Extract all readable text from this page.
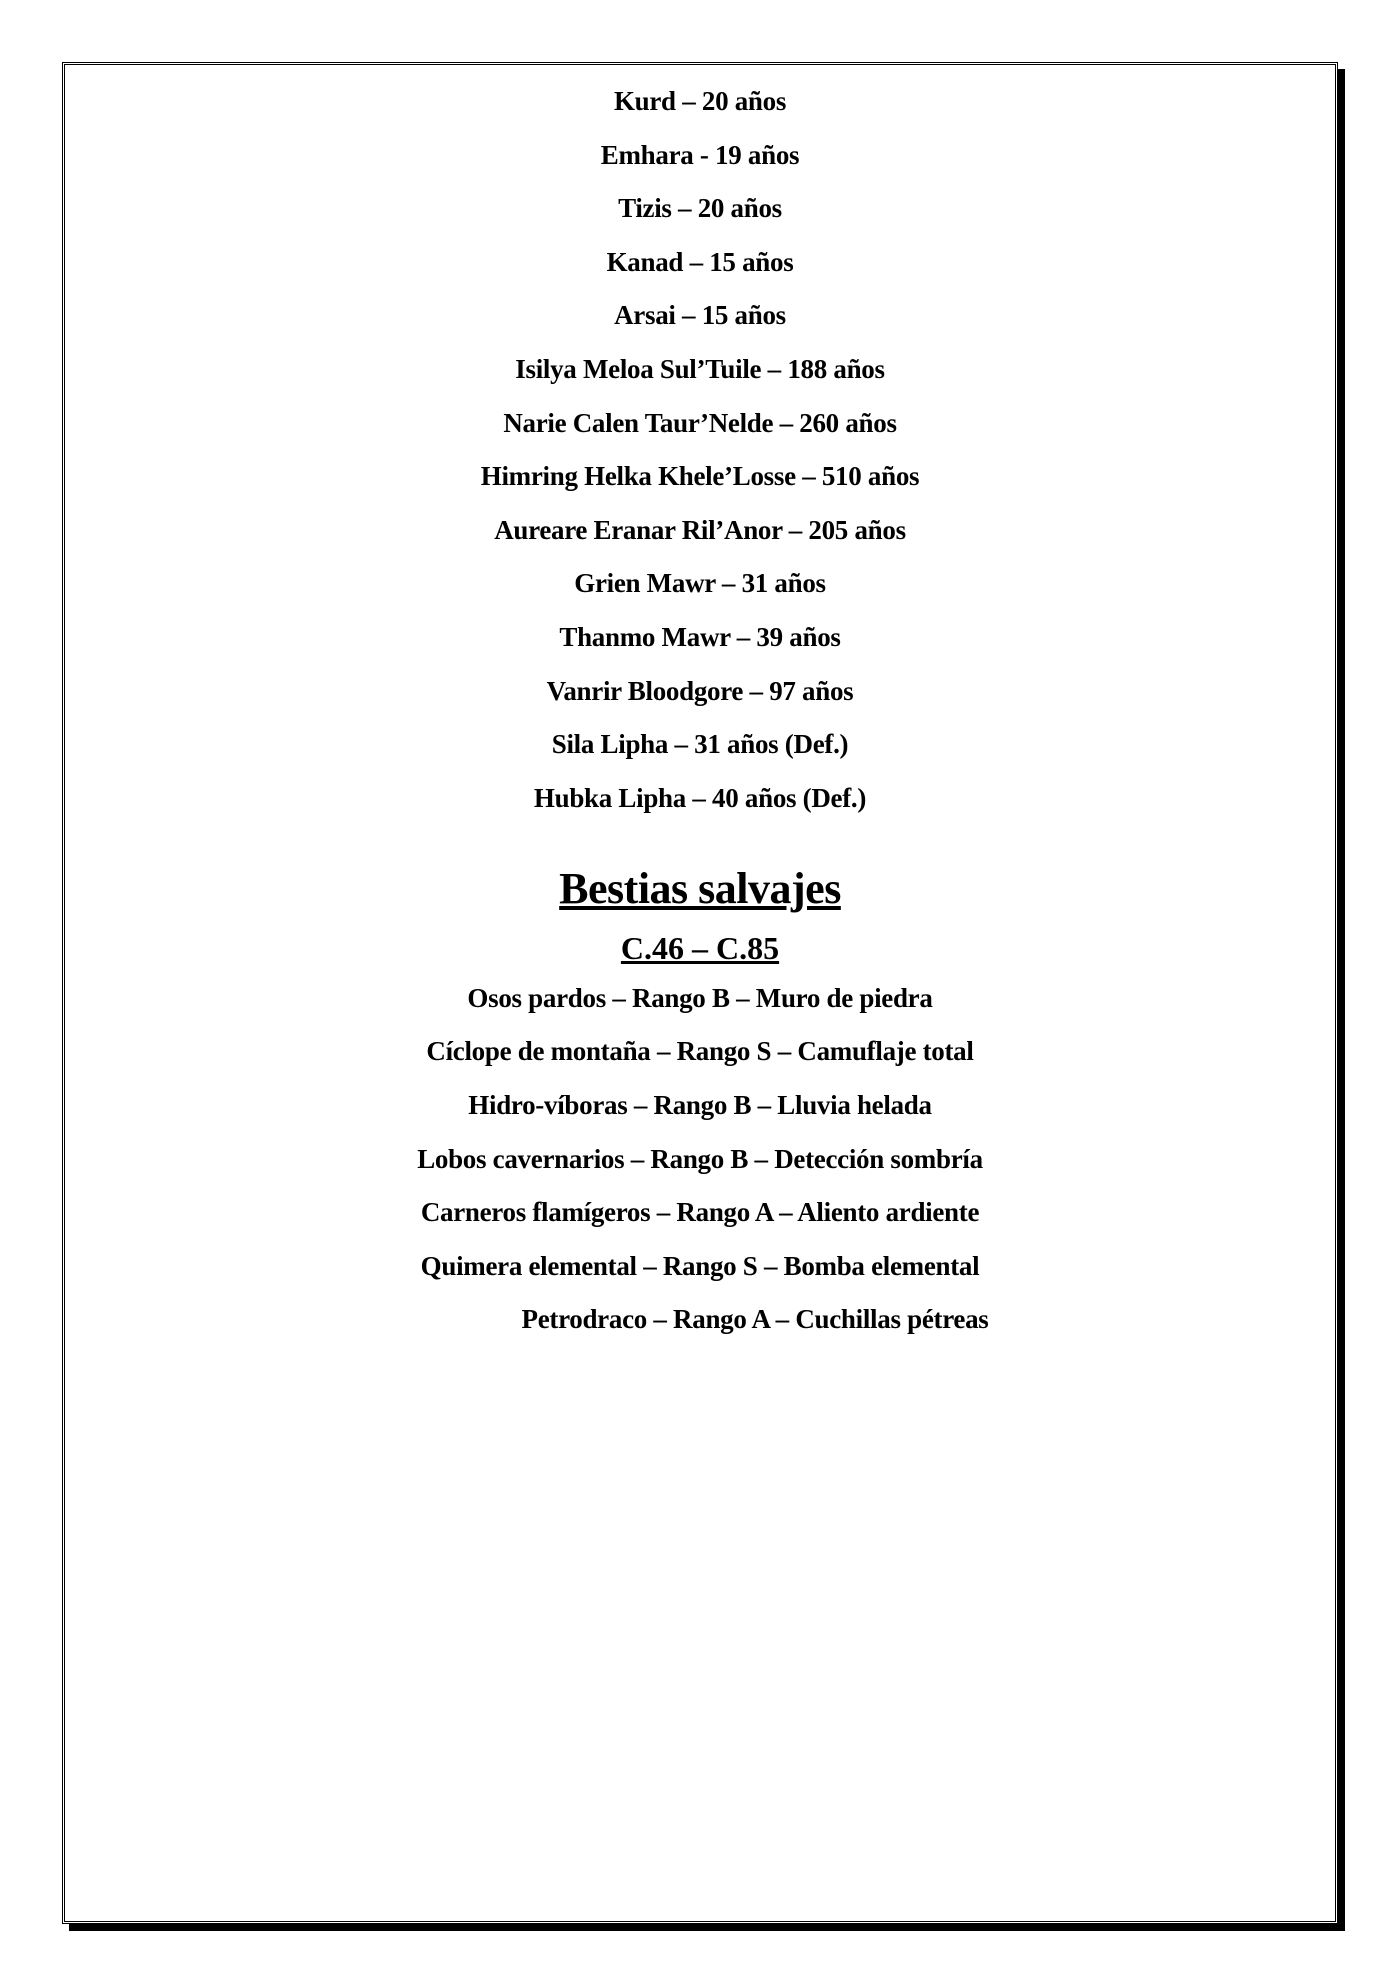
Kurd – 20 años
Emhara - 19 años
Tizis – 20 años
Kanad – 15 años
Arsai – 15 años
Isilya Meloa Sul’Tuile – 188 años
Narie Calen Taur’Nelde – 260 años
Himring Helka Khele’Losse – 510 años
Aureare Eranar Ril’Anor – 205 años
Grien Mawr – 31 años
Thanmo Mawr – 39 años
Vanrir Bloodgore – 97 años
Sila Lipha – 31 años (Def.)
Hubka Lipha – 40 años (Def.)
Bestias salvajes
C.46 – C.85
Osos pardos – Rango B – Muro de piedra
Cíclope de montaña – Rango S – Camuflaje total
Hidro-víboras – Rango B – Lluvia helada
Lobos cavernarios – Rango B – Detección sombría
Carneros flamígeros – Rango A – Aliento ardiente
Quimera elemental – Rango S – Bomba elemental
Petrodraco – Rango A – Cuchillas pétreas
